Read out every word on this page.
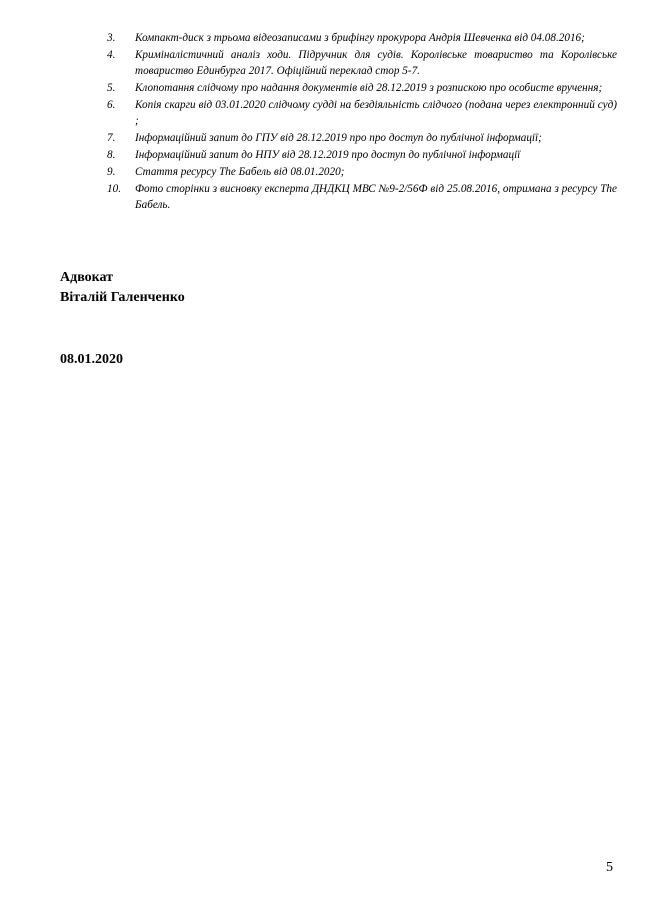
3.	Компакт-диск з трьома відеозаписами з брифінгу прокурора Андрія Шевченка від 04.08.2016;
4.	Криміналістичний аналіз ходи. Підручник для судів. Королівське товариство та Королівське товариство Единбурга 2017. Офіційний переклад стор 5-7.
5.	Клопотання слідчому про надання документів від 28.12.2019 з розпискою про особисте вручення;
6.	Копія скарги від 03.01.2020 слідчому судді на бездіяльність слідчого (подана через електронний суд) ;
7.	Інформаційний запит до ГПУ від 28.12.2019 про про доступ до публічної інформації;
8.	Інформаційний запит до НПУ від 28.12.2019 про доступ до публічної інформації
9.	Стаття ресурсу The Бабель від 08.01.2020;
10.	Фото сторінки з висновку експерта ДНДКЦ МВС №9-2/56Ф від 25.08.2016, отримана з ресурсу The Бабель.
Адвокат
Віталій Галенченко
08.01.2020
5
